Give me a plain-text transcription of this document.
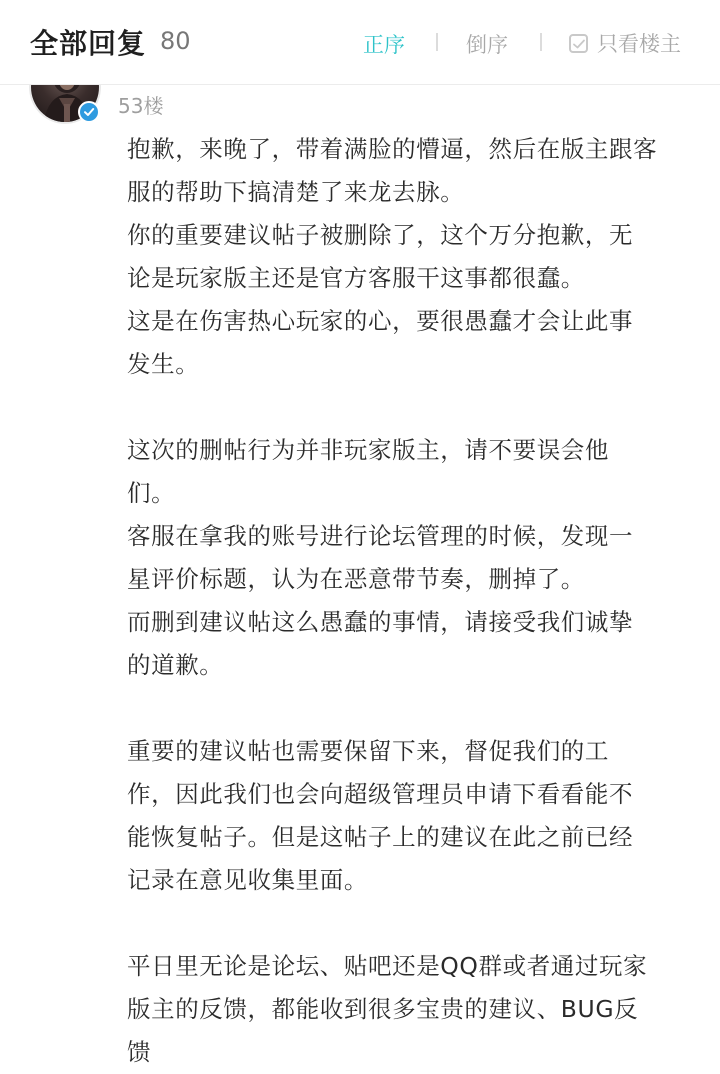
全部回复 80	正序	倒序	只看楼主
53楼
抱歉，来晚了，带着满脸的懵逼，然后在版主跟客
服的帮助下搞清楚了来龙去脉。
你的重要建议帖子被删除了，这个万分抱歉，无
论是玩家版主还是官方客服干这事都很蠢。
这是在伤害热心玩家的心，要很愚蠢才会让此事
发生。
这次的删帖行为并非玩家版主，请不要误会他
们。
客服在拿我的账号进行论坛管理的时候，发现一
星评价标题，认为在恶意带节奏，删掉了。
而删到建议帖这么愚蠢的事情，请接受我们诚挚
的道歉。
重要的建议帖也需要保留下来，督促我们的工
作，因此我们也会向超级管理员申请下看看能不
能恢复帖子。但是这帖子上的建议在此之前已经
记录在意见收集里面。
平日里无论是论坛、贴吧还是QQ群或者通过玩家
版主的反馈，都能收到很多宝贵的建议、BUG反
馈
